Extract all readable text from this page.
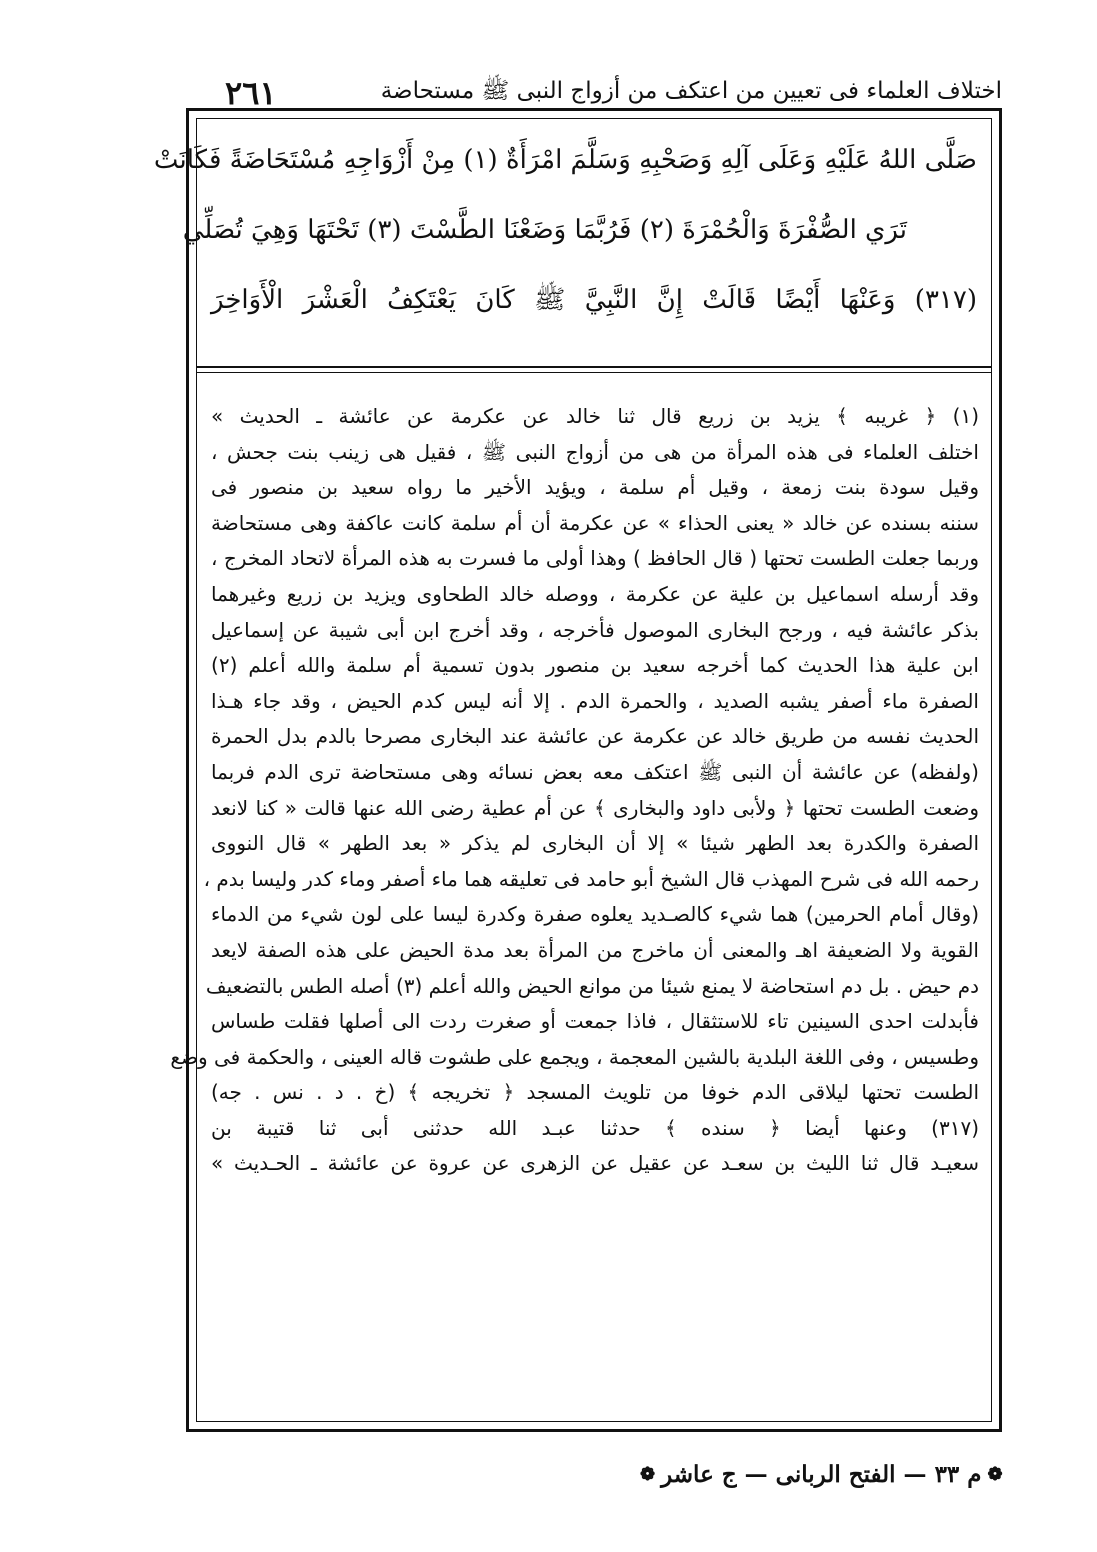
اختلاف العلماء فى تعيين من اعتكف من أزواج النبى ﷺ مستحاضة
٢٦١
صَلَّى اللهُ عَلَيْهِ وَعَلَى آلِهِ وَصَحْبِهِ وَسَلَّمَ امْرَأَةٌ (١) مِنْ أَزْوَاجِهِ مُسْتَحَاضَةً فَكَانَتْ
تَرَي الصُّفْرَةَ وَالْحُمْرَةَ (٢) فَرُبَّمَا وَضَعْنَا الطَّسْتَ (٣) تَحْتَهَا وَهِيَ تُصَلِّي
(٣١٧) وَعَنْهَا أَيْضًا قَالَتْ إِنَّ النَّبِيَّ ﷺ كَانَ يَعْتَكِفُ الْعَشْرَ الْأَوَاخِرَ
(١) ﴿ غريبه ﴾ يزيد بن زريع قال ثنا خالد عن عكرمة عن عائشة ـ الحديث »
اختلف العلماء فى هذه المرأة من هى من أزواج النبى ﷺ ، فقيل هى زينب بنت جحش ،
وقيل سودة بنت زمعة ، وقيل أم سلمة ، ويؤيد الأخير ما رواه سعيد بن منصور فى
سننه بسنده عن خالد « يعنى الحذاء » عن عكرمة أن أم سلمة كانت عاكفة وهى مستحاضة
وربما جعلت الطست تحتها ( قال الحافظ ) وهذا أولى ما فسرت به هذه المرأة لاتحاد المخرج ،
وقد أرسله اسماعيل بن علية عن عكرمة ، ووصله خالد الطحاوى ويزيد بن زريع وغيرهما
بذكر عائشة فيه ، ورجح البخارى الموصول فأخرجه ، وقد أخرج ابن أبى شيبة عن إسماعيل
ابن علية هذا الحديث كما أخرجه سعيد بن منصور بدون تسمية أم سلمة والله أعلم (٢)
الصفرة ماء أصفر يشبه الصديد ، والحمرة الدم . إلا أنه ليس كدم الحيض ، وقد جاء هـذا
الحديث نفسه من طريق خالد عن عكرمة عن عائشة عند البخارى مصرحا بالدم بدل الحمرة
(ولفظه) عن عائشة أن النبى ﷺ اعتكف معه بعض نسائه وهى مستحاضة ترى الدم فربما
وضعت الطست تحتها ﴿ ولأبى داود والبخارى ﴾ عن أم عطية رضى الله عنها قالت « كنا لانعد
الصفرة والكدرة بعد الطهر شيئا » إلا أن البخارى لم يذكر « بعد الطهر » قال النووى
رحمه الله فى شرح المهذب قال الشيخ أبو حامد فى تعليقه هما ماء أصفر وماء كدر وليسا بدم ،
(وقال أمام الحرمين) هما شيء كالصـديد يعلوه صفرة وكدرة ليسا على لون شيء من الدماء
القوية ولا الضعيفة اهـ والمعنى أن ماخرج من المرأة بعد مدة الحيض على هذه الصفة لايعد
دم حيض . بل دم استحاضة لا يمنع شيئا من موانع الحيض والله أعلم (٣) أصله الطس بالتضعيف
فأبدلت احدى السينين تاء للاستثقال ، فاذا جمعت أو صغرت ردت الى أصلها فقلت طساس
وطسيس ، وفى اللغة البلدية بالشين المعجمة ، ويجمع على طشوت قاله العينى ، والحكمة فى وضع
الطست تحتها ليلاقى الدم خوفا من تلويث المسجد ﴿ تخريجه ﴾ (خ . د . نس . جه)
(٣١٧) وعنها أيضا ﴿ سنده ﴾ حدثنا عبـد الله حدثنى أبى ثنا قتيبة بن
سعيـد قال ثنا الليث بن سعـد عن عقيل عن الزهرى عن عروة عن عائشة ـ الحـديث »
❁
م ٣٣ — الفتح الربانى — ج عاشر
❁
